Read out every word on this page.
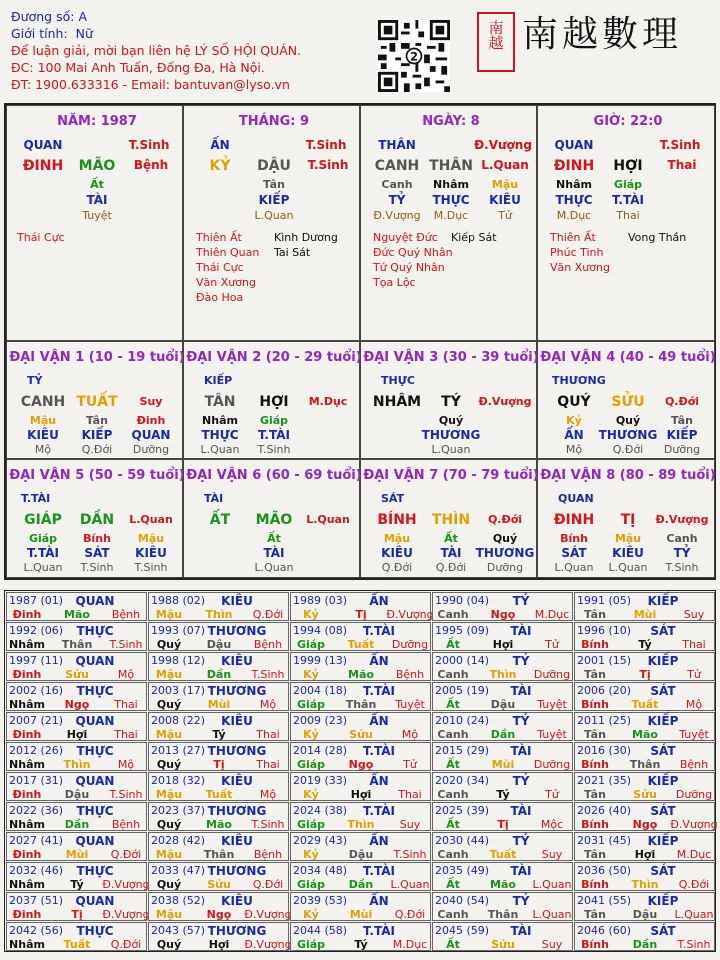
Đương số: A
Giới tính: Nữ
Để luận giải, mời bạn liên hệ LÝ SỐ HỘI QUÁN.
ĐC: 100 Mai Anh Tuấn, Đống Đa, Hà Nội.
ĐT: 1900.633316 - Email: bantuvan@lyso.vn
2
南越 南越數理
NĂM: 1987
QUAN	T.Sinh
ĐINH MÃO Bệnh
Ất
TÀI
Tuyệt
Thái Cực
THÁNG: 9
ẤN	T.Sinh
KỶ DẬU T.Sinh
Tân
KIẾP
L.Quan
Thiên Ất
Thiên Quan
Thái Cực
Văn Xương
Đào Hoa
Kình Dương
Tai Sát
NGÀY: 8
THÂN	Đ.Vượng
CANH THÂN L.Quan
Canh
TỶ
Đ.Vượng
Nhâm
THỰC
M.Dục
Mậu
KIÊU
Tử
Nguyệt Đức
Đức Quý Nhân
Tứ Quý Nhân
Tọa Lộc
Kiếp Sát
GIỜ: 22:0
QUAN	T.Sinh
ĐINH HỢI Thai
Nhâm
THỰC
M.Dục
Giáp
T.TÀI
Thai
Thiên Ất
Phúc Tinh
Văn Xương
Vong Thần
ĐẠI VẬN 1 (10 - 19 tuổi)
TỶ
CANH TUẤT Suy
Mậu
KIÊU
Mộ
Tân
KIẾP
Q.Đới
Đinh
QUAN
Dưỡng
ĐẠI VẬN 2 (20 - 29 tuổi)
KIẾP
TÂN HỢI M.Dục
Nhâm
THỰC
L.Quan
Giáp
T.TÀI
T.Sinh
ĐẠI VẬN 3 (30 - 39 tuổi)
THỰC
NHÂM TÝ Đ.Vượng
Quý
THƯƠNG
L.Quan
ĐẠI VẬN 4 (40 - 49 tuổi)
THƯƠNG
QUÝ SỬU Q.Đới
Kỷ
ẤN
Mộ
Quý
THƯƠNG
Q.Đới
Tân
KIẾP
Dưỡng
ĐẠI VẬN 5 (50 - 59 tuổi)
T.TÀI
GIÁP DẦN L.Quan
Giáp
T.TÀI
L.Quan
Bính
SÁT
T.Sinh
Mậu
KIÊU
T.Sinh
ĐẠI VẬN 6 (60 - 69 tuổi)
TÀI
ẤT MÃO L.Quan
Ất
TÀI
L.Quan
ĐẠI VẬN 7 (70 - 79 tuổi)
SÁT
BÍNH THÌN Q.Đới
Mậu
KIÊU
Q.Đới
Ất
TÀI
Q.Đới
Quý
THƯƠNG
Dưỡng
ĐẠI VẬN 8 (80 - 89 tuổi)
QUAN
ĐINH TỊ Đ.Vượng
Bính
SÁT
L.Quan
Mậu
KIÊU
L.Quan
Canh
TỶ
T.Sinh
1987 (01) QUAN
Đinh Mão Bệnh
1988 (02) KIÊU
Mậu Thìn Q.Đới
1989 (03) ẤN
Kỷ	Tị Đ.Vượng
1990 (04) TỶ
Canh Ngọ M.Dục
1991 (05) KIẾP
Tân	Mùi Suy
1992 (06) THỰC
Nhâm Thân T.Sinh
1993 (07) THƯƠNG
Quý Dậu Bệnh
1994 (08) T.TÀI
Giáp Tuất Dưỡng
1995 (09) TÀI
Ất	Hợi	Tử
1996 (10) SÁT
Bính	Tý	Thai
1997 (11) QUAN
Đinh Sửu	Mộ
1998 (12) KIÊU
Mậu Dần T.Sinh
1999 (13) ẤN
Kỷ	Mão Bệnh
2000 (14) TỶ
Canh Thìn Dưỡng
2001 (15) KIẾP
Tân	Tị	Tử
2002 (16) THỰC
Nhâm Ngọ Thai
2003 (17) THƯƠNG
Quý Mùi	Mộ
2004 (18) T.TÀI
Giáp Thân Tuyệt
2005 (19) TÀI
Ất	Dậu Tuyệt
2006 (20) SÁT
Bính Tuất Mộ
2007 (21) QUAN
Đinh Hợi Thai
2008 (22) KIÊU
Mậu	Tý	Thai
2009 (23) ẤN
Kỷ	Sửu	Mộ
2010 (24) TỶ
Canh Dần Tuyệt
2011 (25) KIẾP
Tân Mão Tuyệt
2012 (26) THỰC
Nhâm Thìn Mộ
2013 (27) THƯƠNG
Quý	Tị	Thai
2014 (28) T.TÀI
Giáp Ngọ	Tử
2015 (29) TÀI
Ất	Mùi Dưỡng
2016 (30) SÁT
Bính Thân Bệnh
2017 (31) QUAN
Đinh Dậu T.Sinh
2018 (32) KIÊU
Mậu Tuất Mộ
2019 (33) ẤN
Kỷ	Hợi Thai
2020 (34) TỶ
Canh	Tý	Tử
2021 (35) KIẾP
Tân Sửu Dưỡng
2022 (36) THỰC
Nhâm Dần Bệnh
2023 (37) THƯƠNG
Quý Mão T.Sinh
2024 (38) T.TÀI
Giáp Thìn Suy
2025 (39) TÀI
Ất	Tị	Mộc
2026 (40) SÁT
Bính Ngọ Đ.Vượng
2027 (41) QUAN
Đinh Mùi Q.Đới
2028 (42) KIÊU
Mậu Thân Bệnh
2029 (43) ẤN
Kỷ	Dậu T.Sinh
2030 (44) TỶ
Canh Tuất Suy
2031 (45) KIẾP
Tân	Hợi M.Dục
2032 (46) THỰC
Nhâm Tý Đ.Vượng
2033 (47) THƯƠNG
Quý Sửu Q.Đới
2034 (48) T.TÀI
Giáp Dần L.Quan
2035 (49) TÀI
Ất	Mão L.Quan
2036 (50) SÁT
Bính Thìn Q.Đới
2037 (51) QUAN
Đinh	Tị Đ.Vượng
2038 (52) KIÊU
Mậu Ngọ Đ.Vượng
2039 (53) ẤN
Kỷ	Mùi Q.Đới
2040 (54) TỶ
Canh Thân L.Quan
2041 (55) KIẾP
Tân Dậu L.Quan
2042 (56) THỰC
Nhâm Tuất Q.Đới
2043 (57) THƯƠNG
Quý	Hợi Đ.Vượng
2044 (58) T.TÀI
Giáp	Tý M.Dục
2045 (59) TÀI
Ất	Sửu Suy
2046 (60) SÁT
Bính Dần T.Sinh
